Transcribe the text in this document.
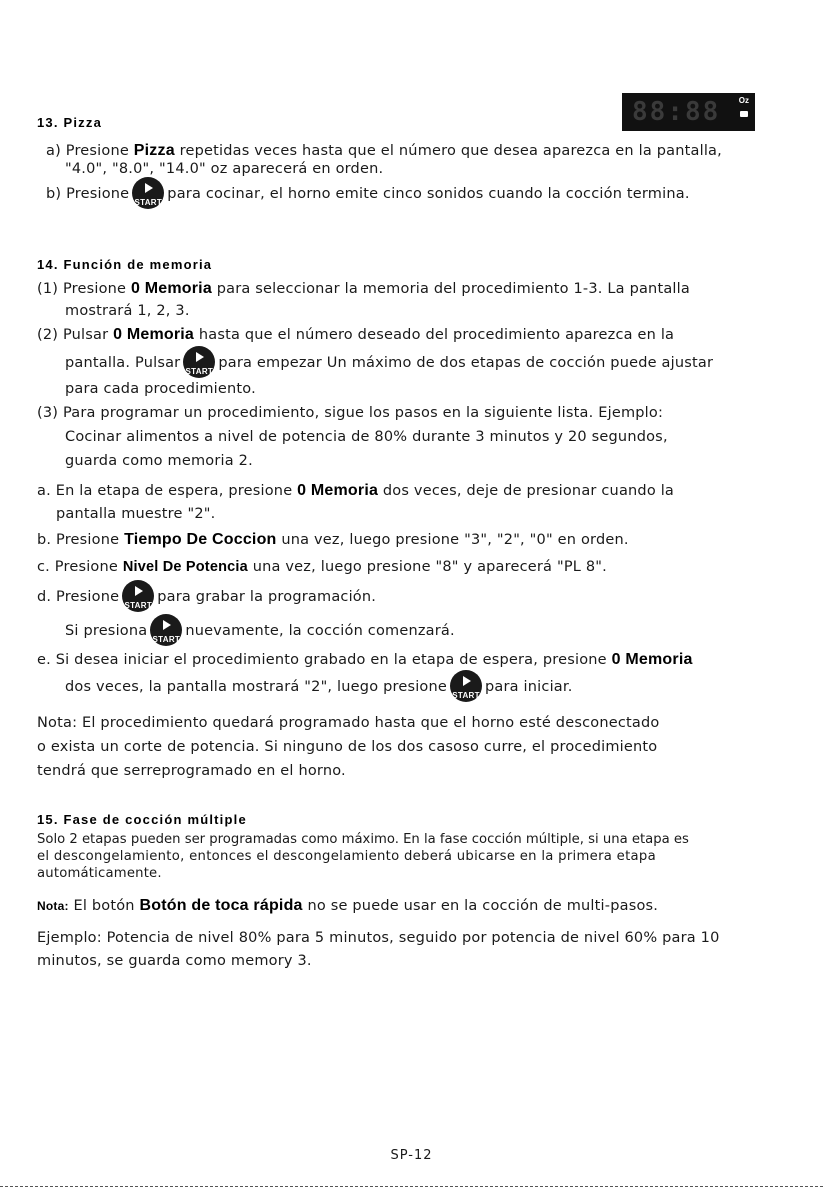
13. Pizza	88:88 Oz
a) Presione Pizza repetidas veces hasta que el número que desea aparezca en la pantalla,
"4.0", "8.0", "14.0" oz aparecerá en orden.
b) Presione
START
para cocinar, el horno emite cinco sonidos cuando la cocción termina.
14. Función de memoria
(1) Presione 0 Memoria para seleccionar la memoria del procedimiento 1-3. La pantalla
mostrará 1, 2, 3.
(2) Pulsar 0 Memoria hasta que el número deseado del procedimiento aparezca en la
pantalla. Pulsar
START
para empezar Un máximo de dos etapas de cocción puede ajustar
para cada procedimiento.
(3) Para programar un procedimiento, sigue los pasos en la siguiente lista. Ejemplo:
Cocinar alimentos a nivel de potencia de 80% durante 3 minutos y 20 segundos,
guarda como memoria 2.
a. En la etapa de espera, presione 0 Memoria dos veces, deje de presionar cuando la
pantalla muestre "2".
b. Presione Tiempo De Coccion una vez, luego presione "3", "2", "0" en orden.
c. Presione Nivel De Potencia una vez, luego presione "8" y aparecerá "PL 8".
d. Presione
START
para grabar la programación.
Si presiona
START
nuevamente, la cocción comenzará.
e. Si desea iniciar el procedimiento grabado en la etapa de espera, presione 0 Memoria
dos veces, la pantalla mostrará "2", luego presione
START
para iniciar.
Nota: El procedimiento quedará programado hasta que el horno esté desconectado
o exista un corte de potencia. Si ninguno de los dos casoso curre, el procedimiento
tendrá que serreprogramado en el horno.
15. Fase de cocción múltiple
Solo 2 etapas pueden ser programadas como máximo. En la fase cocción múltiple, si una etapa es
el descongelamiento, entonces el descongelamiento deberá ubicarse en la primera etapa
automáticamente.
Nota: El botón Botón de toca rápida no se puede usar en la cocción de multi-pasos.
Ejemplo: Potencia de nivel 80% para 5 minutos, seguido por potencia de nivel 60% para 10
minutos, se guarda como memory 3.
SP-12
